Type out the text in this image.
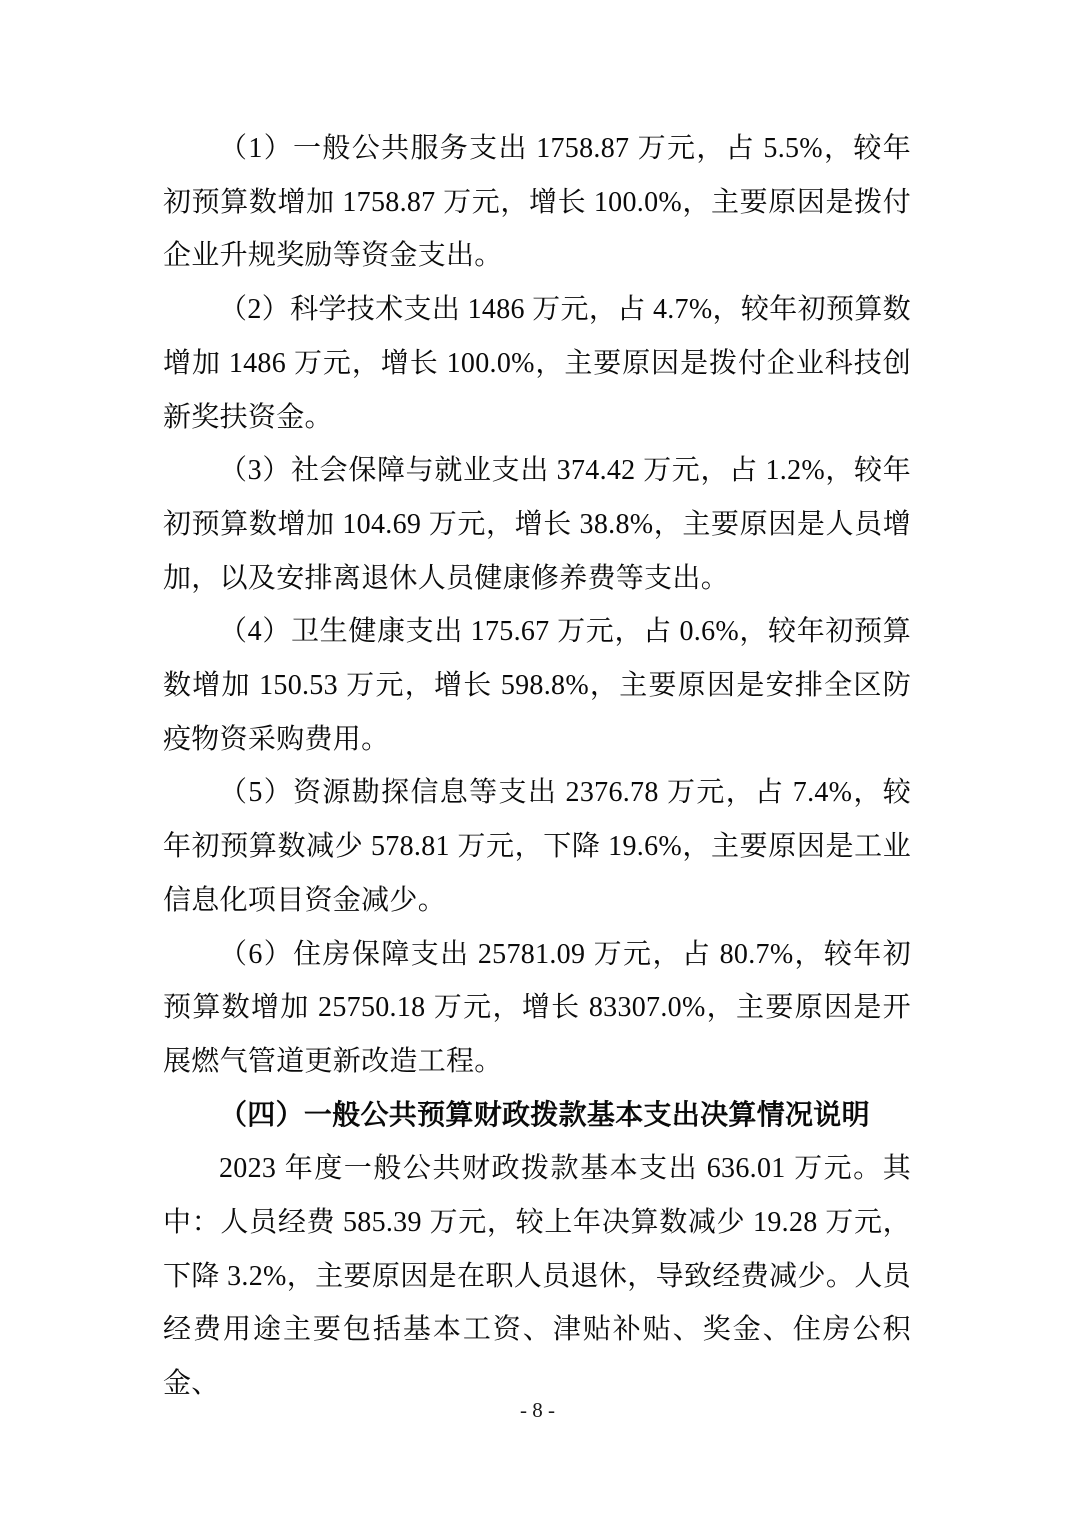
（1）一般公共服务支出 1758.87 万元，占 5.5%，较年初预算数增加 1758.87 万元，增长 100.0%，主要原因是拨付企业升规奖励等资金支出。

（2）科学技术支出 1486 万元，占 4.7%，较年初预算数增加 1486 万元，增长 100.0%，主要原因是拨付企业科技创新奖扶资金。

（3）社会保障与就业支出 374.42 万元，占 1.2%，较年初预算数增加 104.69 万元，增长 38.8%，主要原因是人员增加，以及安排离退休人员健康修养费等支出。

（4）卫生健康支出 175.67 万元，占 0.6%，较年初预算数增加 150.53 万元，增长 598.8%，主要原因是安排全区防疫物资采购费用。

（5）资源勘探信息等支出 2376.78 万元，占 7.4%，较年初预算数减少 578.81 万元，下降 19.6%，主要原因是工业信息化项目资金减少。

（6）住房保障支出 25781.09 万元，占 80.7%，较年初预算数增加 25750.18 万元，增长 83307.0%，主要原因是开展燃气管道更新改造工程。

（四）一般公共预算财政拨款基本支出决算情况说明

2023 年度一般公共财政拨款基本支出 636.01 万元。其中：人员经费 585.39 万元，较上年决算数减少 19.28 万元，下降 3.2%，主要原因是在职人员退休，导致经费减少。人员经费用途主要包括基本工资、津贴补贴、奖金、住房公积金、

- 8 -
